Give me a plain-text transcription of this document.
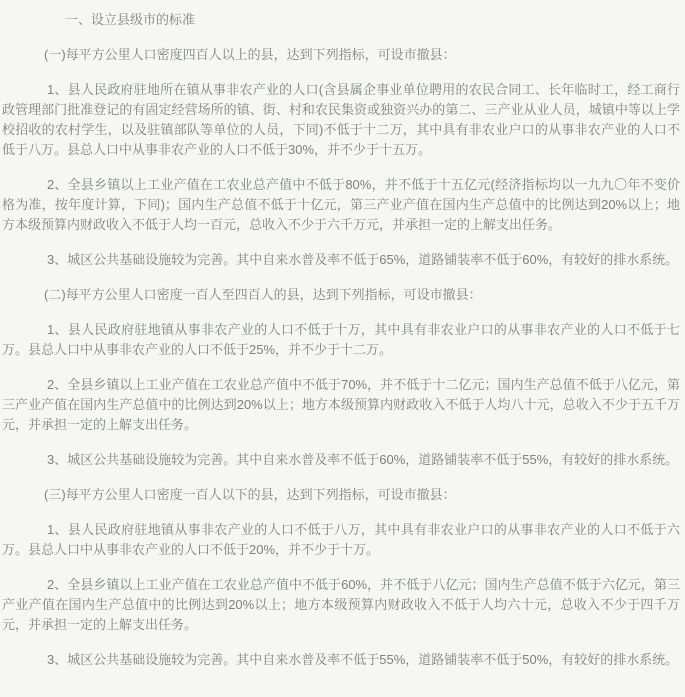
一、设立县级市的标准

(一)每平方公里人口密度四百人以上的县，达到下列指标，可设市撤县：

1、县人民政府驻地所在镇从事非农产业的人口(含县属企事业单位聘用的农民合同工、长年临时工，经工商行政管理部门批准登记的有固定经营场所的镇、街、村和农民集资或独资兴办的第二、三产业从业人员，城镇中等以上学校招收的农村学生，以及驻镇部队等单位的人员，下同)不低于十二万，其中具有非农业户口的从事非农产业的人口不低于八万。县总人口中从事非农产业的人口不低于30%，并不少于十五万。

2、全县乡镇以上工业产值在工农业总产值中不低于80%，并不低于十五亿元(经济指标均以一九九〇年不变价格为准，按年度计算，下同)；国内生产总值不低于十亿元，第三产业产值在国内生产总值中的比例达到20%以上；地方本级预算内财政收入不低于人均一百元，总收入不少于六千万元，并承担一定的上解支出任务。

3、城区公共基础设施较为完善。其中自来水普及率不低于65%，道路铺装率不低于60%，有较好的排水系统。

(二)每平方公里人口密度一百人至四百人的县，达到下列指标，可设市撤县：

1、县人民政府驻地镇从事非农产业的人口不低于十万，其中具有非农业户口的从事非农产业的人口不低于七万。县总人口中从事非农产业的人口不低于25%，并不少于十二万。

2、全县乡镇以上工业产值在工农业总产值中不低于70%，并不低于十二亿元；国内生产总值不低于八亿元，第三产业产值在国内生产总值中的比例达到20%以上；地方本级预算内财政收入不低于人均八十元，总收入不少于五千万元，并承担一定的上解支出任务。

3、城区公共基础设施较为完善。其中自来水普及率不低于60%，道路铺装率不低于55%，有较好的排水系统。

(三)每平方公里人口密度一百人以下的县，达到下列指标，可设市撤县：

1、县人民政府驻地镇从事非农产业的人口不低于八万，其中具有非农业户口的从事非农产业的人口不低于六万。县总人口中从事非农产业的人口不低于20%，并不少于十万。

2、全县乡镇以上工业产值在工农业总产值中不低于60%，并不低于八亿元；国内生产总值不低于六亿元，第三产业产值在国内生产总值中的比例达到20%以上；地方本级预算内财政收入不低于人均六十元，总收入不少于四千万元，并承担一定的上解支出任务。

3、城区公共基础设施较为完善。其中自来水普及率不低于55%，道路铺装率不低于50%，有较好的排水系统。
